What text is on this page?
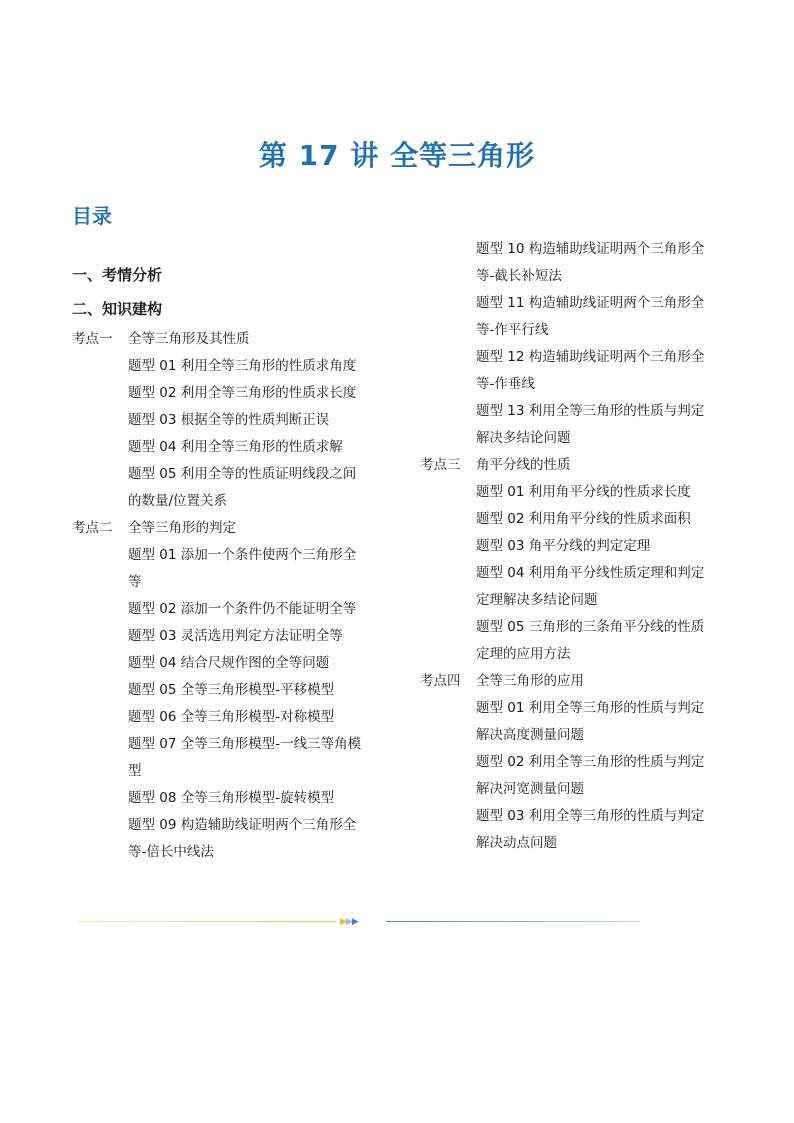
第 17 讲 全等三角形
目录
一、考情分析
二、知识建构
考点一	全等三角形及其性质
题型 01 利用全等三角形的性质求角度
题型 02 利用全等三角形的性质求长度
题型 03 根据全等的性质判断正误
题型 04 利用全等三角形的性质求解
题型 05 利用全等的性质证明线段之间
的数量/位置关系
考点二	全等三角形的判定
题型 01 添加一个条件使两个三角形全
等
题型 02 添加一个条件仍不能证明全等
题型 03 灵活选用判定方法证明全等
题型 04 结合尺规作图的全等问题
题型 05 全等三角形模型-平移模型
题型 06 全等三角形模型-对称模型
题型 07 全等三角形模型-一线三等角模
型
题型 08 全等三角形模型-旋转模型
题型 09 构造辅助线证明两个三角形全
等-倍长中线法
题型 10 构造辅助线证明两个三角形全
等-截长补短法
题型 11 构造辅助线证明两个三角形全
等-作平行线
题型 12 构造辅助线证明两个三角形全
等-作垂线
题型 13 利用全等三角形的性质与判定
解决多结论问题
考点三	角平分线的性质
题型 01 利用角平分线的性质求长度
题型 02 利用角平分线的性质求面积
题型 03 角平分线的判定定理
题型 04 利用角平分线性质定理和判定
定理解决多结论问题
题型 05 三角形的三条角平分线的性质
定理的应用方法
考点四	全等三角形的应用
题型 01 利用全等三角形的性质与判定
解决高度测量问题
题型 02 利用全等三角形的性质与判定
解决河宽测量问题
题型 03 利用全等三角形的性质与判定
解决动点问题
▶▶▶
